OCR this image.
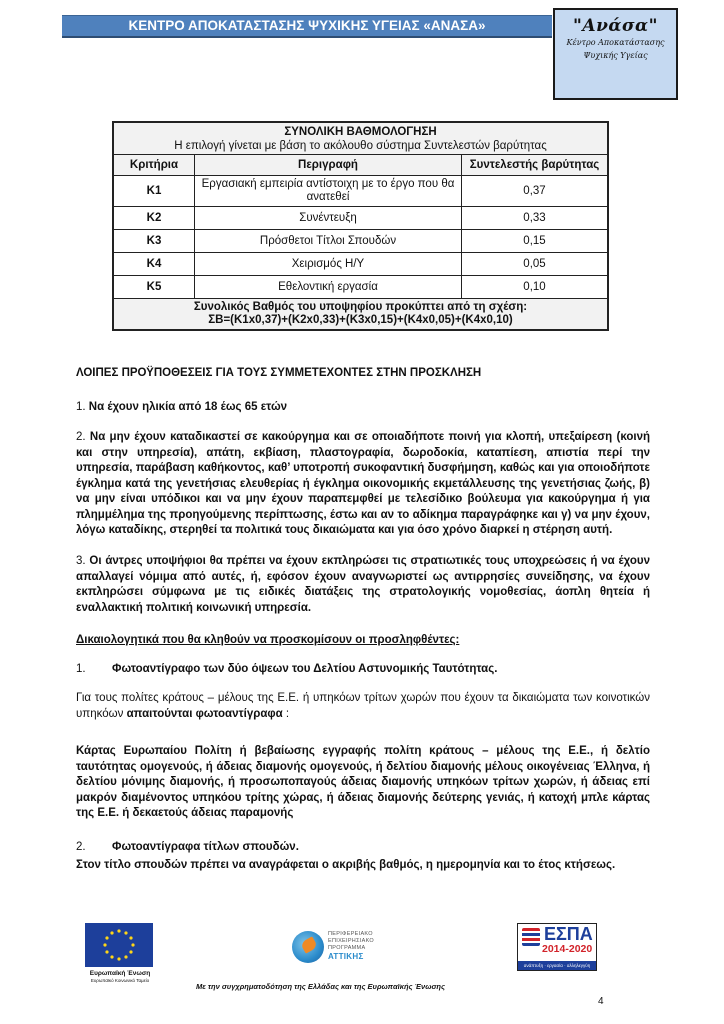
ΚΕΝΤΡΟ ΑΠΟΚΑΤΑΣΤΑΣΗΣ ΨΥΧΙΚΗΣ ΥΓΕΙΑΣ «ΑΝΑΣΑ»	"Ανάσα"
Κέντρο Αποκατάστασης
Ψυχικής Υγείας
ΣΥΝΟΛΙΚΗ ΒΑΘΜΟΛΟΓΗΣΗ
Η επιλογή γίνεται με βάση το ακόλουθο σύστημα Συντελεστών βαρύτητας		

Κριτήρια	Περιγραφή	Συντελεστής βαρύτητας
Κ1	Εργασιακή εμπειρία αντίστοιχη με το έργο που θα ανατεθεί	0,37
Κ2	Συνέντευξη	0,33
Κ3	Πρόσθετοι Τίτλοι Σπουδών	0,15
Κ4	Χειρισμός Η/Υ	0,05
Κ5	Εθελοντική εργασία	0,10

Συνολικός Βαθμός του υποψηφίου προκύπτει από τη σχέση:
ΣΒ=(Κ1x0,37)+(Κ2x0,33)+(Κ3x0,15)+(Κ4x0,05)+(Κ4x0,10)		
ΛΟΙΠΕΣ ΠΡΟΫΠΟΘΕΣΕΙΣ ΓΙΑ ΤΟΥΣ ΣΥΜΜΕΤΕΧΟΝΤΕΣ ΣΤΗΝ ΠΡΟΣΚΛΗΣΗ
1. Να έχουν ηλικία από 18 έως 65 ετών
2. Να μην έχουν καταδικαστεί σε κακούργημα και σε οποιαδήποτε ποινή για κλοπή, υπεξαίρεση (κοινή και στην υπηρεσία), απάτη, εκβίαση, πλαστογραφία, δωροδοκία, καταπίεση, απιστία περί την υπηρεσία, παράβαση καθήκοντος, καθ’ υποτροπή συκοφαντική δυσφήμηση, καθώς και για οποιοδήποτε έγκλημα κατά της γενετήσιας ελευθερίας ή έγκλημα οικονομικής εκμετάλλευσης της γενετήσιας ζωής, β) να μην είναι υπόδικοι και να μην έχουν παραπεμφθεί με τελεσίδικο βούλευμα για κακούργημα ή για πλημμέλημα της προηγούμενης περίπτωσης, έστω και αν το αδίκημα παραγράφηκε και γ) να μην έχουν, λόγω καταδίκης, στερηθεί τα πολιτικά τους δικαιώματα και για όσο χρόνο διαρκεί η στέρηση αυτή.
3. Οι άντρες υποψήφιοι θα πρέπει να έχουν εκπληρώσει τις στρατιωτικές τους υποχρεώσεις ή να έχουν απαλλαγεί νόμιμα από αυτές, ή, εφόσον έχουν αναγνωριστεί ως αντιρρησίες συνείδησης, να έχουν εκπληρώσει σύμφωνα με τις ειδικές διατάξεις της στρατολογικής νομοθεσίας, άοπλη θητεία ή εναλλακτική πολιτική κοινωνική υπηρεσία.
Δικαιολογητικά που θα κληθούν να προσκομίσουν οι προσληφθέντες:
1. Φωτοαντίγραφο των δύο όψεων του Δελτίου Αστυνομικής Ταυτότητας.
Για τους πολίτες κράτους – μέλους της Ε.Ε. ή υπηκόων τρίτων χωρών που έχουν τα δικαιώματα των κοινοτικών υπηκόων απαιτούνται φωτοαντίγραφα :
Κάρτας Ευρωπαίου Πολίτη ή βεβαίωσης εγγραφής πολίτη κράτους – μέλους της Ε.Ε., ή δελτίο ταυτότητας ομογενούς, ή άδειας διαμονής ομογενούς, ή δελτίου διαμονής μέλους οικογένειας Έλληνα, ή δελτίου μόνιμης διαμονής, ή προσωποπαγούς άδειας διαμονής υπηκόων τρίτων χωρών, ή άδειας επί μακρόν διαμένοντος υπηκόου τρίτης χώρας, ή άδειας διαμονής δεύτερης γενιάς, ή κατοχή μπλε κάρτας της Ε.Ε. ή δεκαετούς άδειας παραμονής
2. Φωτοαντίγραφα τίτλων σπουδών.
Στον τίτλο σπουδών πρέπει να αναγράφεται ο ακριβής βαθμός, η ημερομηνία και το έτος κτήσεως.
Ευρωπαϊκή Ένωση
Ευρωπαϊκό Κοινωνικό Ταμείο
ΠΕΡΙΦΕΡΕΙΑΚΟ
ΕΠΙΧΕΙΡΗΣΙΑΚΟ
ΠΡΟΓΡΑΜΜΑ
ΑΤΤΙΚΗΣ
ΕΣΠΑ
2014-2020
ανάπτυξη · εργασία · αλληλεγγύη
Με την συγχρηματοδότηση της Ελλάδας και της Ευρωπαϊκής Ένωσης
4
